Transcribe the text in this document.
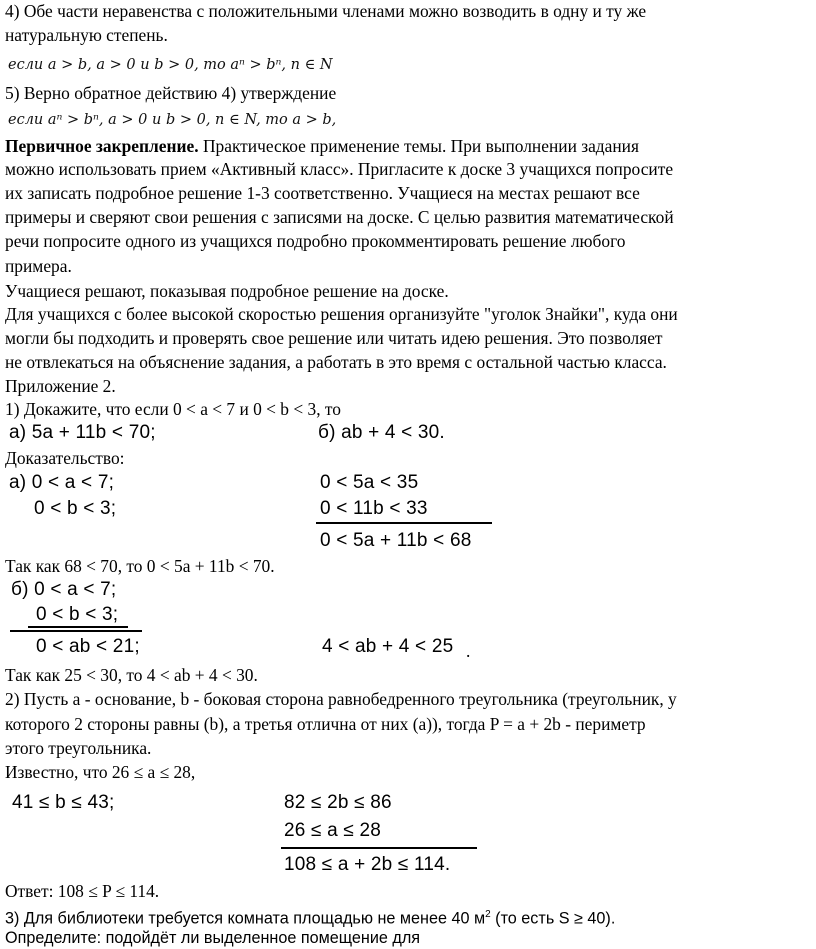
4) Обе части неравенства с положительными членами можно возводить в одну и ту же
натуральную степень.
если a > b, a > 0 и b > 0, то aⁿ > bⁿ, n ∈ N
5) Верно обратное действию 4) утверждение
если aⁿ > bⁿ, a > 0 и b > 0, n ∈ N, то a > b,
Первичное закрепление. Практическое применение темы. При выполнении задания
можно использовать прием «Активный класс». Пригласите к доске 3 учащихся попросите
их записать подробное решение 1-3 соответственно. Учащиеся на местах решают все
примеры и сверяют свои решения с записями на доске. С целью развития математической
речи попросите одного из учащихся подробно прокомментировать решение любого
примера.
Учащиеся решают, показывая подробное решение на доске.
Для учащихся с более высокой скоростью решения организуйте "уголок Знайки", куда они
могли бы подходить и проверять свое решение или читать идею решения. Это позволяет
не отвлекаться на объяснение задания, а работать в это время с остальной частью класса.
Приложение 2.
1) Докажите, что если 0 < a < 7 и 0 < b < 3, то
а) 5a + 11b < 70;	б) ab + 4 < 30.
Доказательство:
а) 0 < a < 7;
0 < b < 3;
0 < 5a < 35
0 < 11b < 33
0 < 5a + 11b < 68
Так как 68 < 70, то 0 < 5a + 11b < 70.
б) 0 < a < 7;
0 < b < 3;
0 < ab < 21;	4 < ab + 4 < 25 .
Так как 25 < 30, то 4 < ab + 4 < 30.
2) Пусть a - основание, b - боковая сторона равнобедренного треугольника (треугольник, у
которого 2 стороны равны (b), а третья отлична от них (a)), тогда P = a + 2b - периметр
этого треугольника.
Известно, что 26 ≤ a ≤ 28,
41 ≤ b ≤ 43;	82 ≤ 2b ≤ 86
26 ≤ a ≤ 28
108 ≤ a + 2b ≤ 114.
Ответ: 108 ≤ P ≤ 114.
3) Для библиотеки требуется комната площадью не менее 40 $м^2$ (то есть S ≥ 40).
Определите: подойдёт ли выделенное помещение для
